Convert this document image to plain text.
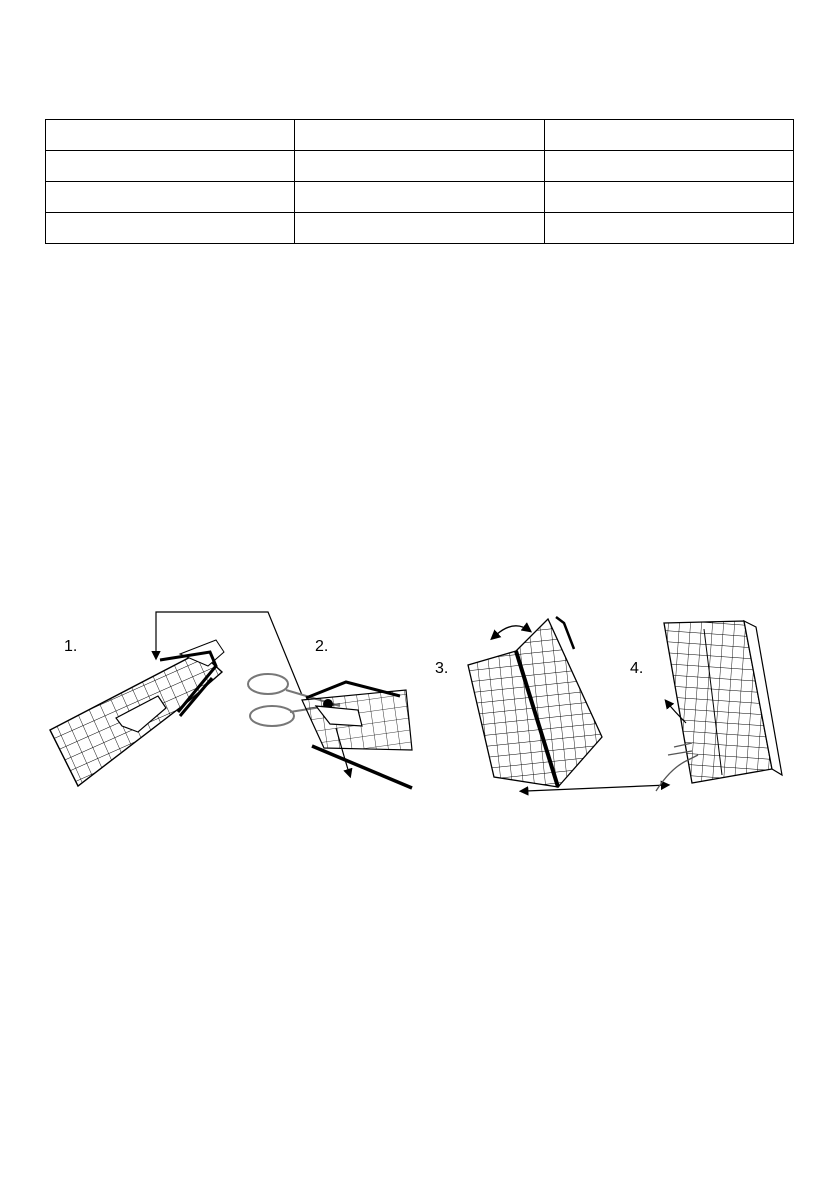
1.	2.
3.	4.
